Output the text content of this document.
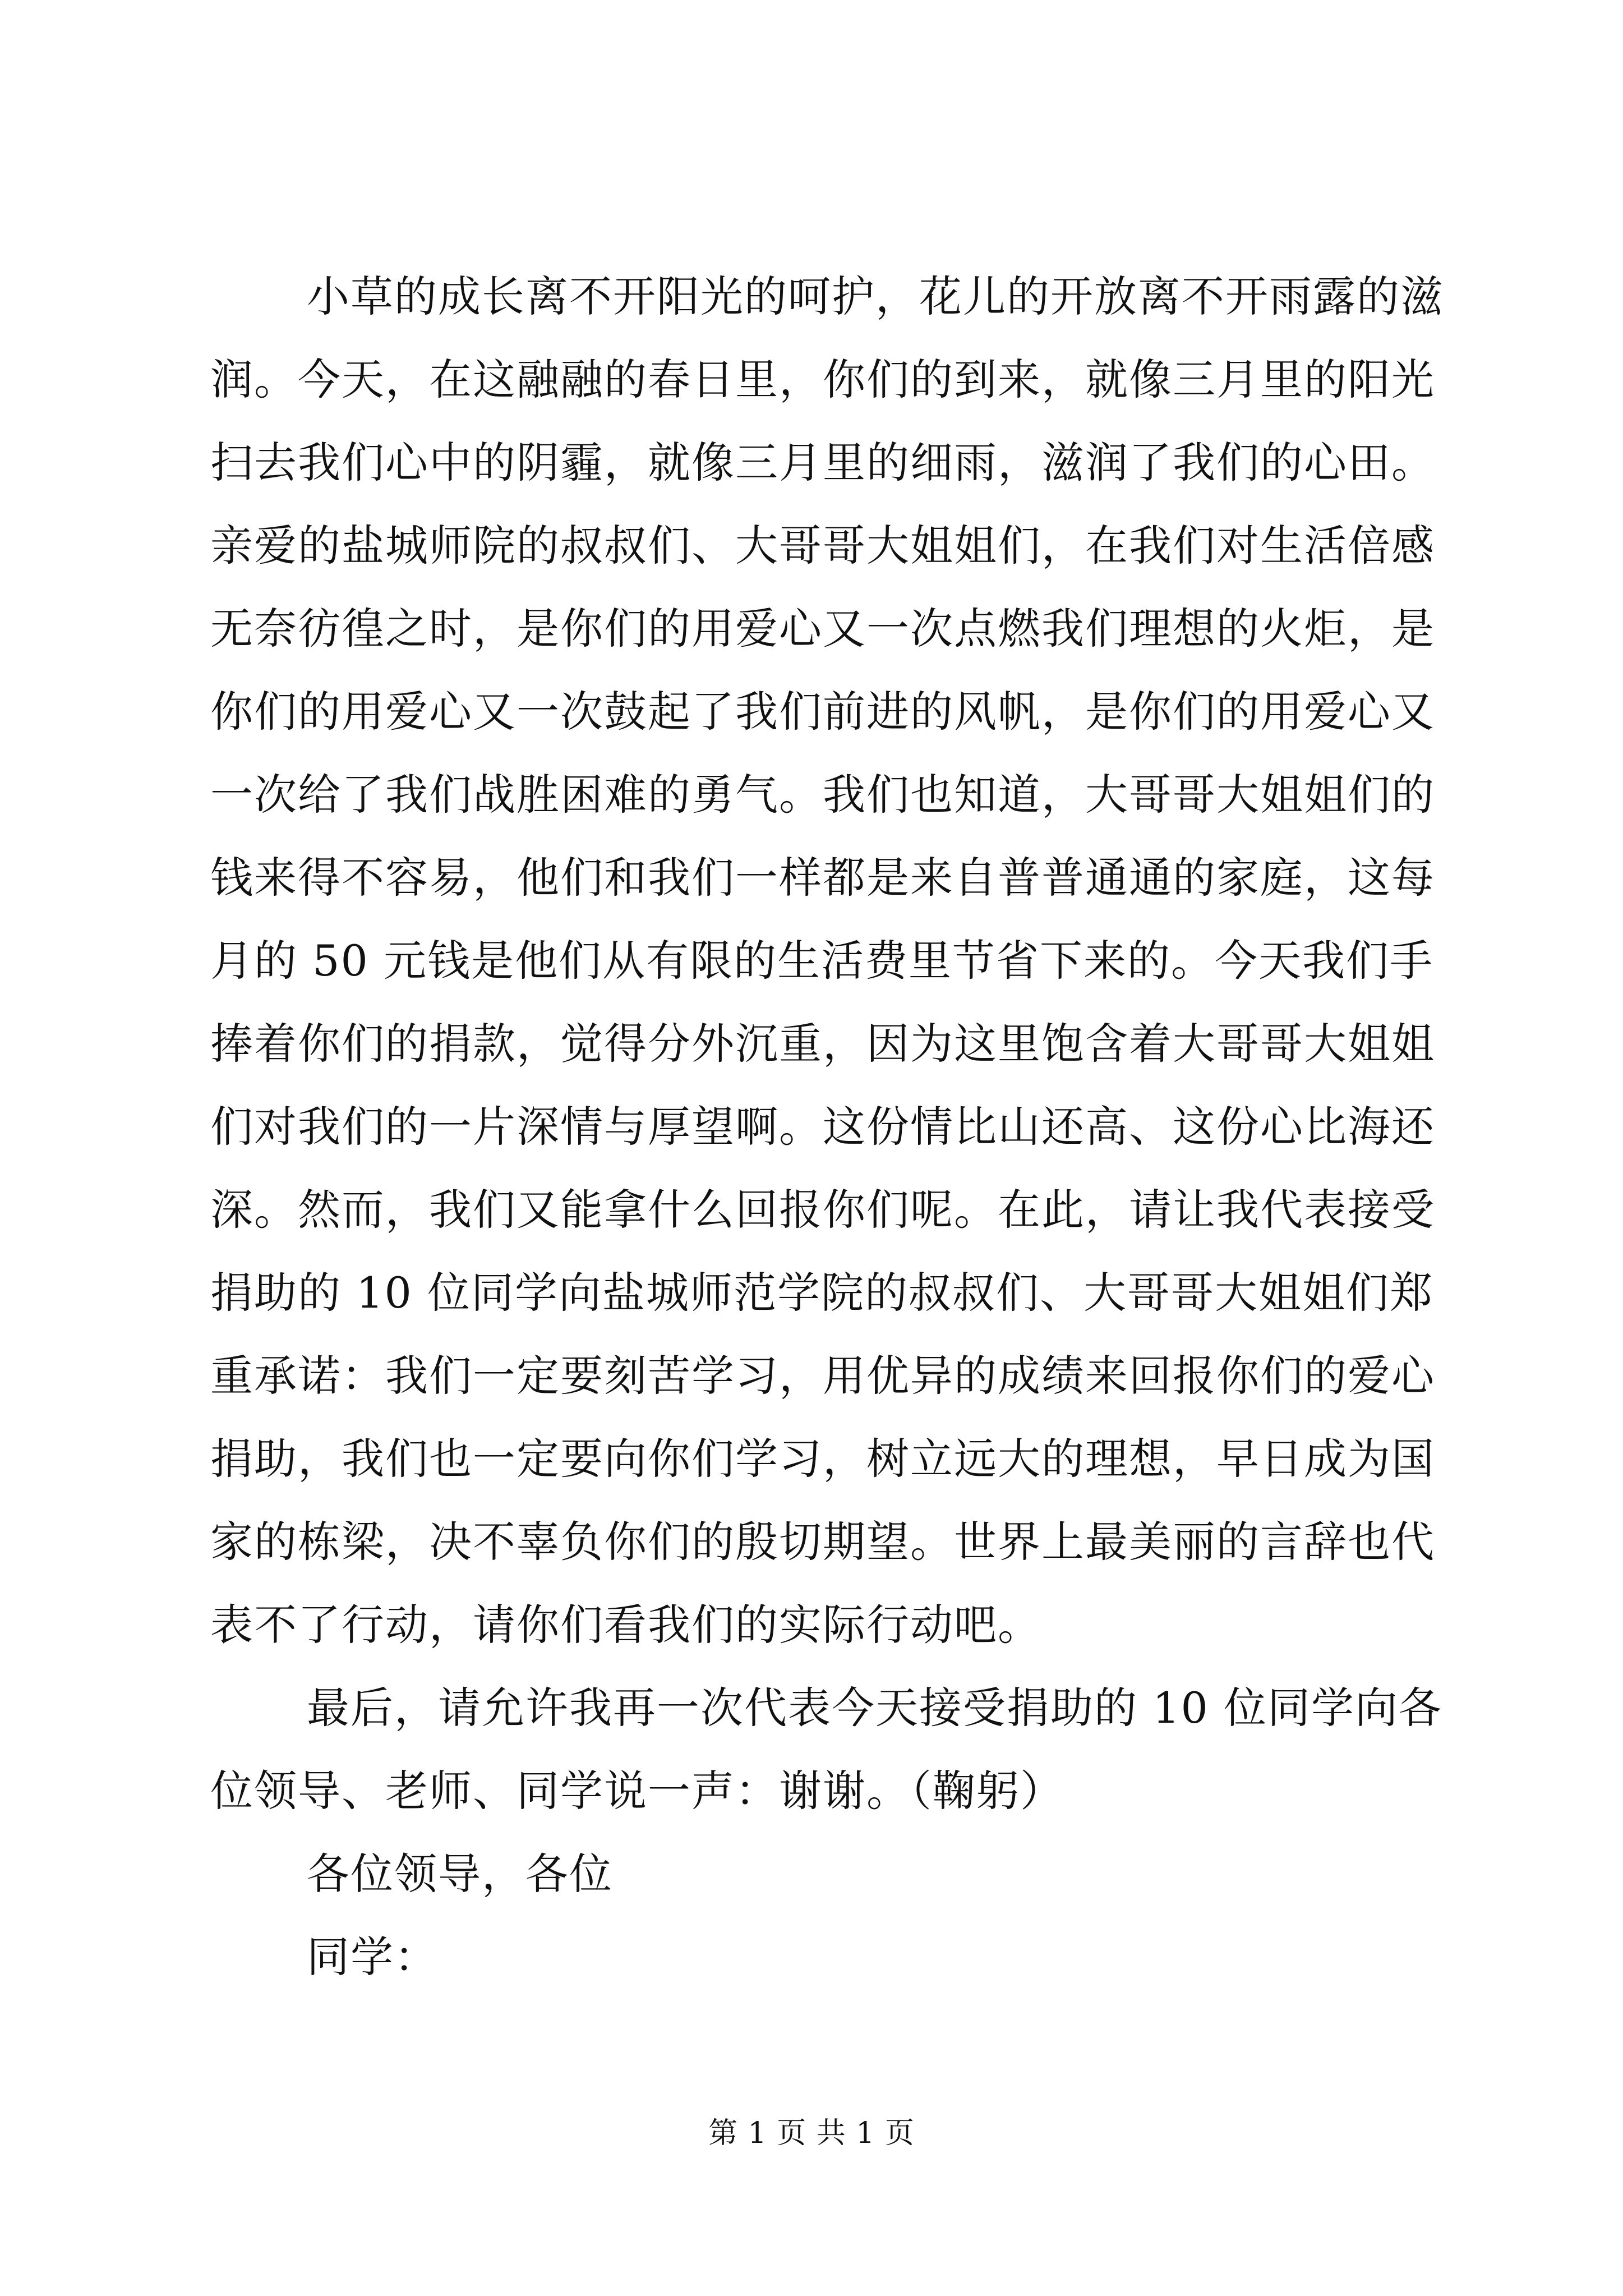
小草的成长离不开阳光的呵护，花儿的开放离不开雨露的滋
润。今天，在这融融的春日里，你们的到来，就像三月里的阳光
扫去我们心中的阴霾，就像三月里的细雨，滋润了我们的心田。
亲爱的盐城师院的叔叔们、大哥哥大姐姐们，在我们对生活倍感
无奈彷徨之时，是你们的用爱心又一次点燃我们理想的火炬，是
你们的用爱心又一次鼓起了我们前进的风帆，是你们的用爱心又
一次给了我们战胜困难的勇气。我们也知道，大哥哥大姐姐们的
钱来得不容易，他们和我们一样都是来自普普通通的家庭，这每
月的 50 元钱是他们从有限的生活费里节省下来的。今天我们手
捧着你们的捐款，觉得分外沉重，因为这里饱含着大哥哥大姐姐
们对我们的一片深情与厚望啊。这份情比山还高、这份心比海还
深。然而，我们又能拿什么回报你们呢。在此，请让我代表接受
捐助的 10 位同学向盐城师范学院的叔叔们、大哥哥大姐姐们郑
重承诺：我们一定要刻苦学习，用优异的成绩来回报你们的爱心
捐助，我们也一定要向你们学习，树立远大的理想，早日成为国
家的栋梁，决不辜负你们的殷切期望。世界上最美丽的言辞也代
表不了行动，请你们看我们的实际行动吧。
最后，请允许我再一次代表今天接受捐助的 10 位同学向各
位领导、老师、同学说一声：谢谢。（鞠躬）
各位领导，各位
同学：
第 1 页 共 1 页
